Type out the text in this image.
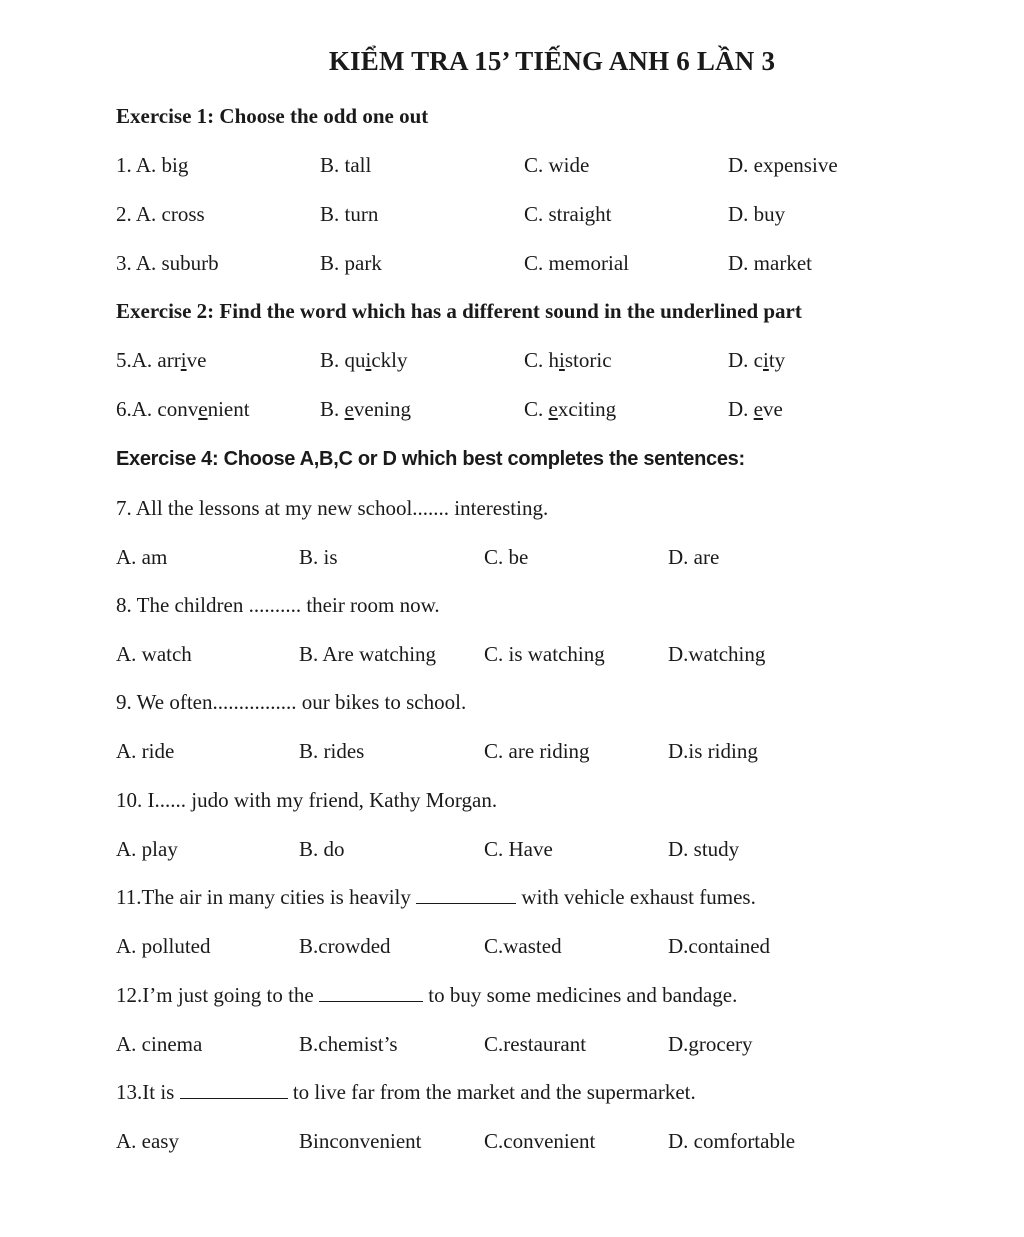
KIỂM TRA 15’ TIẾNG ANH 6 LẦN 3
Exercise 1: Choose the odd one out
1. A. big	B. tall	C. wide	D. expensive
2. A. cross	B. turn	C. straight	D. buy
3. A. suburb	B. park	C. memorial	D. market
Exercise 2: Find the word which has a different sound in the underlined part
5.A. arrive	B. quickly	C. historic	D. city
6.A. convenient	B. evening	C. exciting	D. eve
Exercise 4: Choose A,B,C or D which best completes the sentences:
7. All the lessons at my new school....... interesting.
A. am	B. is	C. be	D. are
8. The children .......... their room now.
A. watch	B. Are watching C. is watching	D.watching
9. We often................ our bikes to school.
A. ride	B. rides	C. are riding	D.is riding
10. I...... judo with my friend, Kathy Morgan.
A. play	B. do	C. Have	D. study
11.The air in many cities is heavily	with vehicle exhaust fumes.
A. polluted	B.crowded	C.wasted	D.contained
12.I’m just going to the	to buy some medicines and bandage.
A. cinema	B.chemist’s	C.restaurant	D.grocery
13.It is	to live far from the market and the supermarket.
A. easy	Binconvenient	C.convenient	D. comfortable
